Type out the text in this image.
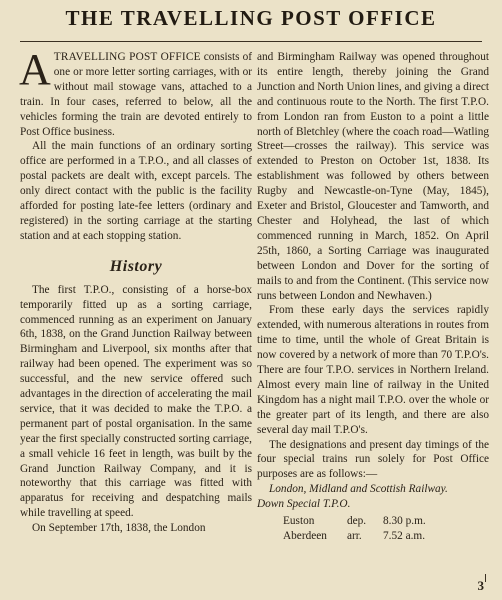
THE TRAVELLING POST OFFICE

ATRAVELLING POST OFFICE consists of one or more letter sorting carriages, with or without mail stowage vans, attached to a train. In four cases, referred to below, all the vehicles forming the train are devoted entirely to Post Office business.

All the main functions of an ordinary sorting office are performed in a T.P.O., and all classes of postal packets are dealt with, except parcels. The only direct contact with the public is the facility afforded for posting late-fee letters (ordinary and registered) in the sorting carriage at the starting station and at each stopping station.

History

The first T.P.O., consisting of a horse-box temporarily fitted up as a sorting carriage, commenced running as an experiment on January 6th, 1838, on the Grand Junction Railway between Birmingham and Liverpool, six months after that railway had been opened. The experiment was so successful, and the new service offered such advantages in the direction of accelerating the mail service, that it was decided to make the T.P.O. a permanent part of postal organisation. In the same year the first specially constructed sorting carriage, a small vehicle 16 feet in length, was built by the Grand Junction Railway Company, and it is noteworthy that this carriage was fitted with apparatus for receiving and despatching mails while travelling at speed.

On September 17th, 1838, the London

and Birmingham Railway was opened throughout its entire length, thereby joining the Grand Junction and North Union lines, and giving a direct and continuous route to the North. The first T.P.O. from London ran from Euston to a point a little north of Bletchley (where the coach road—Watling Street—crosses the railway). This service was extended to Preston on October 1st, 1838. Its establishment was followed by others between Rugby and Newcastle-on-Tyne (May, 1845), Exeter and Bristol, Gloucester and Tamworth, and Chester and Holyhead, the last of which commenced running in March, 1852. On April 25th, 1860, a Sorting Carriage was inaugurated between London and Dover for the sorting of mails to and from the Continent. (This service now runs between London and Newhaven.)

From these early days the services rapidly extended, with numerous alterations in routes from time to time, until the whole of Great Britain is now covered by a network of more than 70 T.P.O's. There are four T.P.O. services in Northern Ireland. Almost every main line of railway in the United Kingdom has a night mail T.P.O. over the whole or the greater part of its length, and there are also several day mail T.P.O's.

The designations and present day timings of the four special trains run solely for Post Office purposes are as follows:—

London, Midland and Scottish Railway.

Down Special T.P.O.

Euston	dep.	8.30 p.m.
Aberdeen	arr.	7.52 a.m.
3
